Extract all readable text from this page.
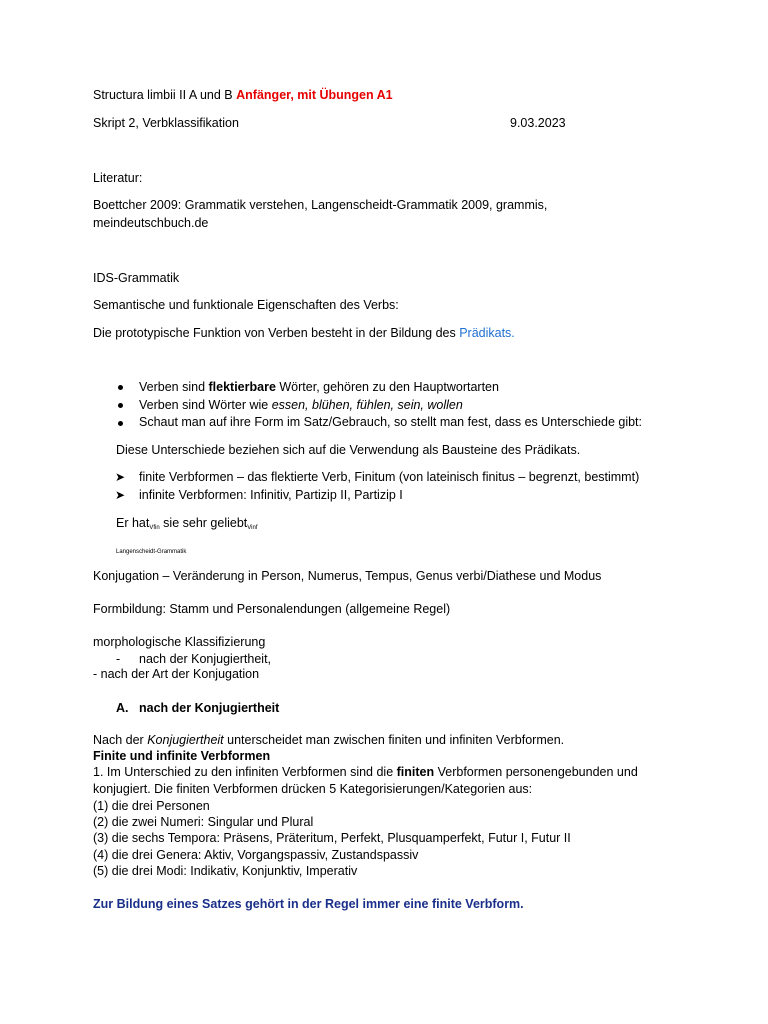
Structura limbii II A und B Anfänger, mit Übungen A1
Skript 2, Verbklassifikation	9.03.2023
Literatur:
Boettcher 2009: Grammatik verstehen, Langenscheidt-Grammatik 2009, grammis,
meindeutschbuch.de
IDS-Grammatik
Semantische und funktionale Eigenschaften des Verbs:
Die prototypische Funktion von Verben besteht in der Bildung des Prädikats.
Verben sind flektierbare Wörter, gehören zu den Hauptwortarten
Verben sind Wörter wie essen, blühen, fühlen, sein, wollen
Schaut man auf ihre Form im Satz/Gebrauch, so stellt man fest, dass es Unterschiede gibt:
Diese Unterschiede beziehen sich auf die Verwendung als Bausteine des Prädikats.
➤ finite Verbformen – das flektierte Verb, Finitum (von lateinisch finitus – begrenzt, bestimmt)
➤ infinite Verbformen: Infinitiv, Partizip II, Partizip I
Er hat$_{Vfin}$ sie sehr geliebt$_{Vinf}$
Langenscheidt-Grammatik
Konjugation – Veränderung in Person, Numerus, Tempus, Genus verbi/Diathese und Modus
Formbildung: Stamm und Personalendungen (allgemeine Regel)
morphologische Klassifizierung
- nach der Konjugiertheit,
- nach der Art der Konjugation
A. nach der Konjugiertheit
Nach der Konjugiertheit unterscheidet man zwischen finiten und infiniten Verbformen.
Finite und infinite Verbformen
1. Im Unterschied zu den infiniten Verbformen sind die finiten Verbformen personengebunden und
konjugiert. Die finiten Verbformen drücken 5 Kategorisierungen/Kategorien aus:
(1) die drei Personen
(2) die zwei Numeri: Singular und Plural
(3) die sechs Tempora: Präsens, Präteritum, Perfekt, Plusquamperfekt, Futur I, Futur II
(4) die drei Genera: Aktiv, Vorgangspassiv, Zustandspassiv
(5) die drei Modi: Indikativ, Konjunktiv, Imperativ
Zur Bildung eines Satzes gehört in der Regel immer eine finite Verbform.
